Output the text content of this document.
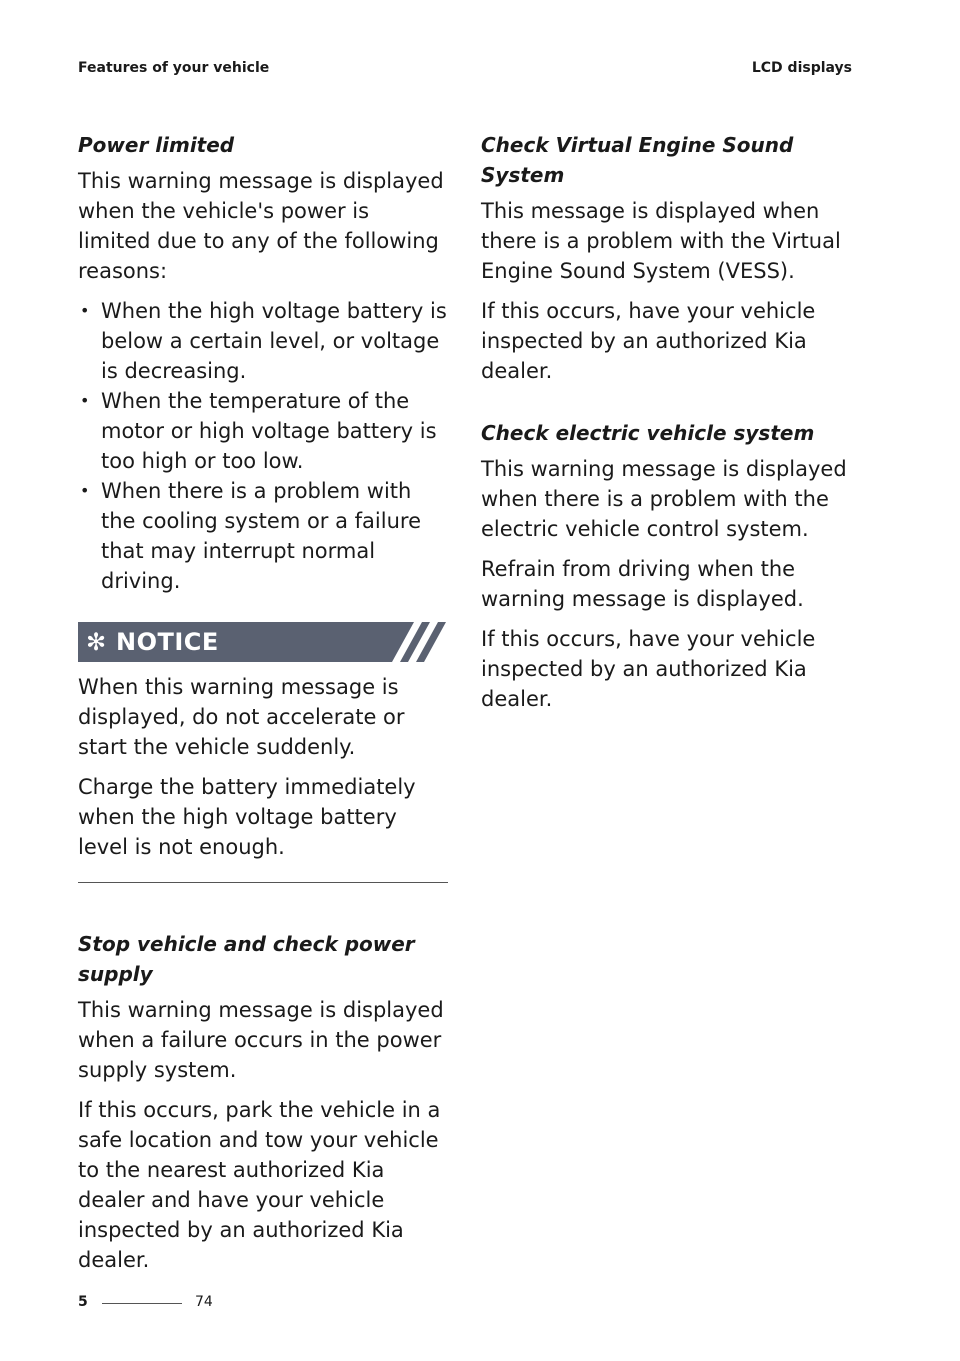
Features of your vehicle	LCD displays
Power limited

This warning message is displayed when the vehicle's power is limited due to any of the following reasons:

• When the high voltage battery is below a certain level, or voltage is decreasing.
• When the temperature of the motor or high voltage battery is too high or too low.
• When there is a problem with the cooling system or a failure that may interrupt normal driving.
✻ NOTICE

When this warning message is displayed, do not accelerate or start the vehicle suddenly.

Charge the battery immediately when the high voltage battery level is not enough.

Stop vehicle and check power supply

This warning message is displayed when a failure occurs in the power supply system.

If this occurs, park the vehicle in a safe location and tow your vehicle to the nearest authorized Kia dealer and have your vehicle inspected by an authorized Kia dealer.

Check Virtual Engine Sound System

This message is displayed when there is a problem with the Virtual Engine Sound System (VESS).

If this occurs, have your vehicle inspected by an authorized Kia dealer.

Check electric vehicle system

This warning message is displayed when there is a problem with the electric vehicle control system.

Refrain from driving when the warning message is displayed.

If this occurs, have your vehicle inspected by an authorized Kia dealer.

5	74
